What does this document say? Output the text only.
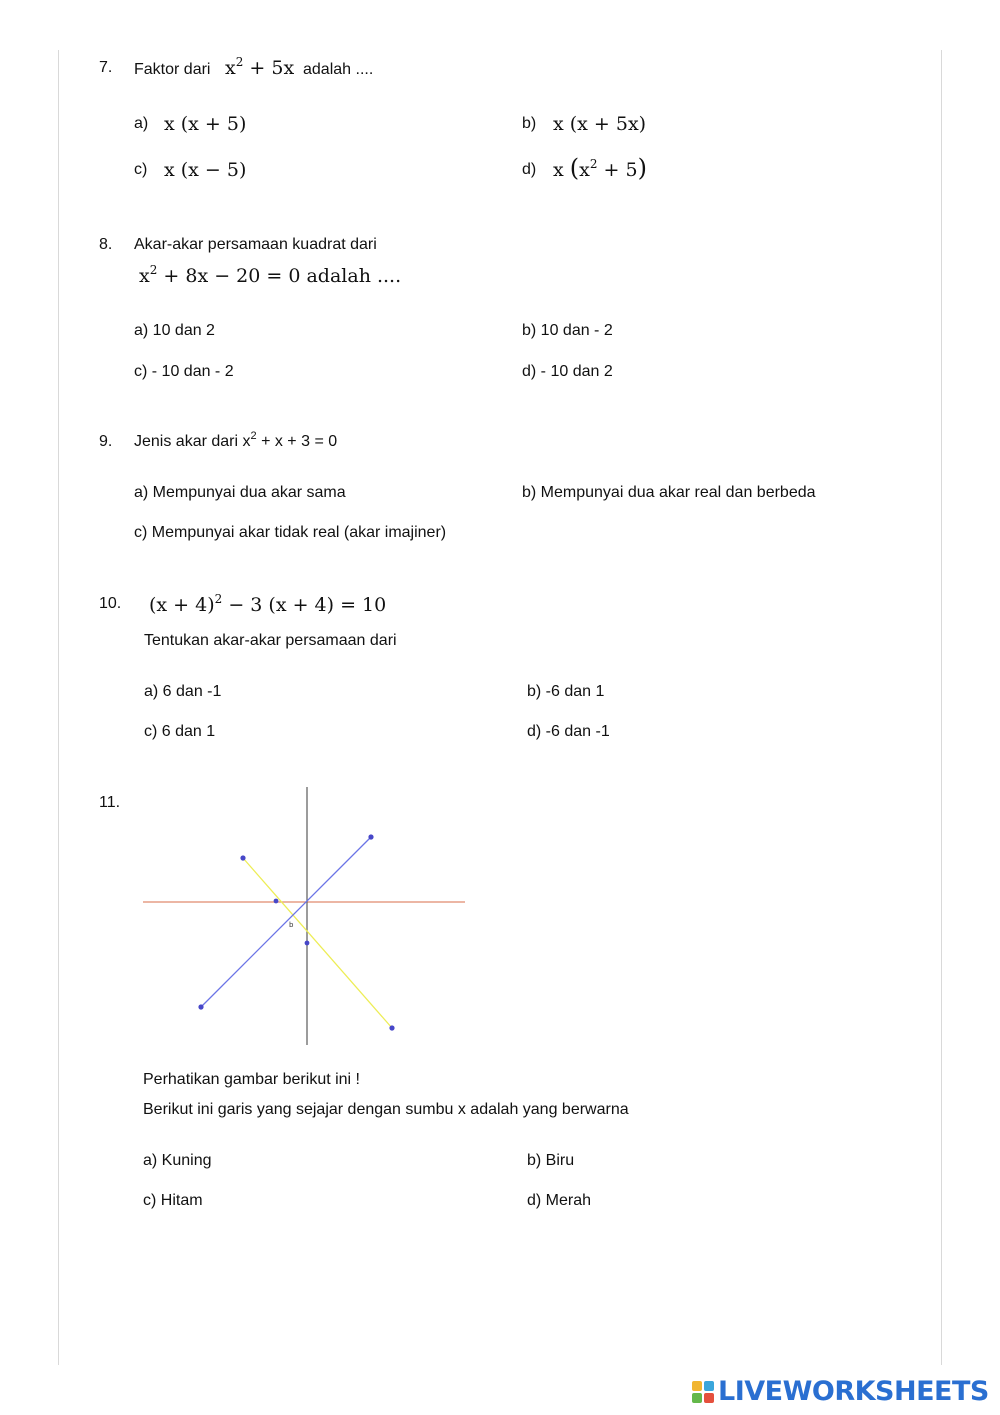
7. Faktor dari $x^2 + 5x$ adalah ....
a) x (x + 5)	b) x (x + 5x)
c) x (x − 5)	d) x $(x^2 + 5)$
8. Akar-akar persamaan kuadrat dari
$x^2 + 8x - 20 = 0$ adalah ....
a) 10 dan 2	b) 10 dan - 2
c) - 10 dan - 2	d) - 10 dan 2
9. Jenis akar dari $x^2 + x + 3 = 0$
a) Mempunyai dua akar sama	b) Mempunyai dua akar real dan berbeda
c) Mempunyai akar tidak real (akar imajiner)
10. $(x + 4)^2 - 3$ (x + 4) = 10
Tentukan akar-akar persamaan dari
a) 6 dan -1	b) -6 dan 1
c) 6 dan 1	d) -6 dan -1
11.
b
Perhatikan gambar berikut ini !
Berikut ini garis yang sejajar dengan sumbu x adalah yang berwarna
a) Kuning	b) Biru
c) Hitam	d) Merah
LIVEWORKSHEETS
